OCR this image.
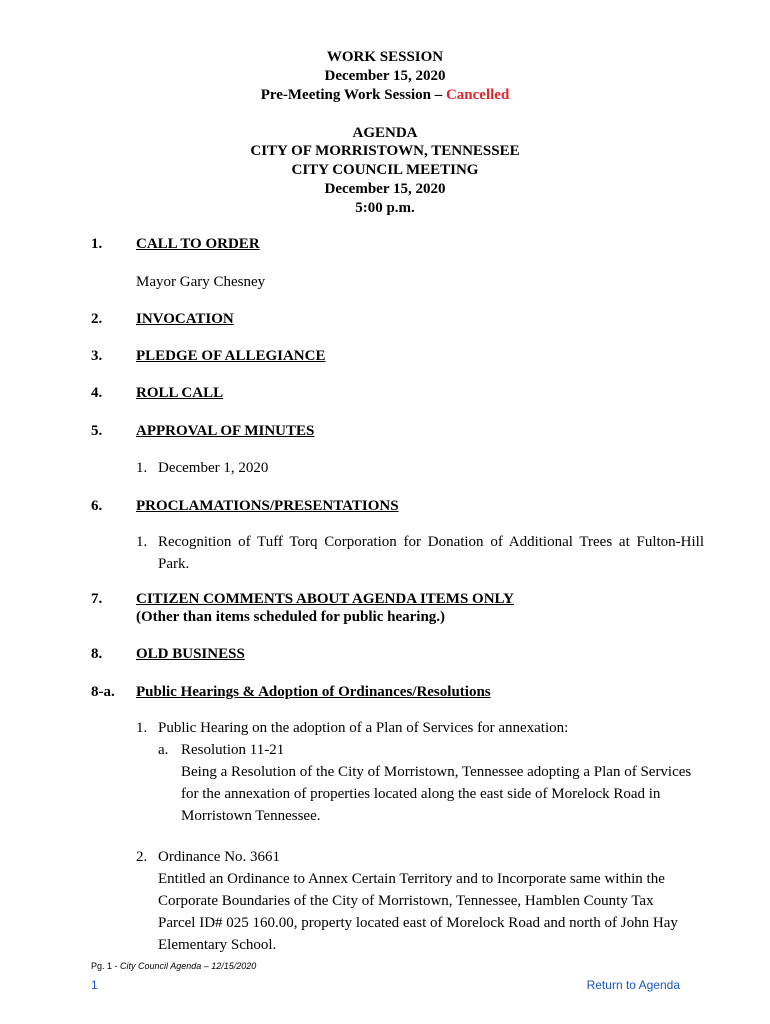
WORK SESSION
December 15, 2020
Pre-Meeting Work Session – Cancelled
AGENDA
CITY OF MORRISTOWN, TENNESSEE
CITY COUNCIL MEETING
December 15, 2020
5:00 p.m.
1. CALL TO ORDER
Mayor Gary Chesney
2. INVOCATION
3. PLEDGE OF ALLEGIANCE
4. ROLL CALL
5. APPROVAL OF MINUTES
1. December 1, 2020
6. PROCLAMATIONS/PRESENTATIONS
1. Recognition of Tuff Torq Corporation for Donation of Additional Trees at Fulton-Hill Park.
7. CITIZEN COMMENTS ABOUT AGENDA ITEMS ONLY
(Other than items scheduled for public hearing.)
8. OLD BUSINESS
8-a. Public Hearings & Adoption of Ordinances/Resolutions
1. Public Hearing on the adoption of a Plan of Services for annexation:
a. Resolution 11-21
Being a Resolution of the City of Morristown, Tennessee adopting a Plan of Services for the annexation of properties located along the east side of Morelock Road in Morristown Tennessee.
2. Ordinance No. 3661
Entitled an Ordinance to Annex Certain Territory and to Incorporate same within the Corporate Boundaries of the City of Morristown, Tennessee, Hamblen County Tax Parcel ID# 025 160.00, property located east of Morelock Road and north of John Hay Elementary School.
Pg. 1 - City Council Agenda – 12/15/2020
1	Return to Agenda
